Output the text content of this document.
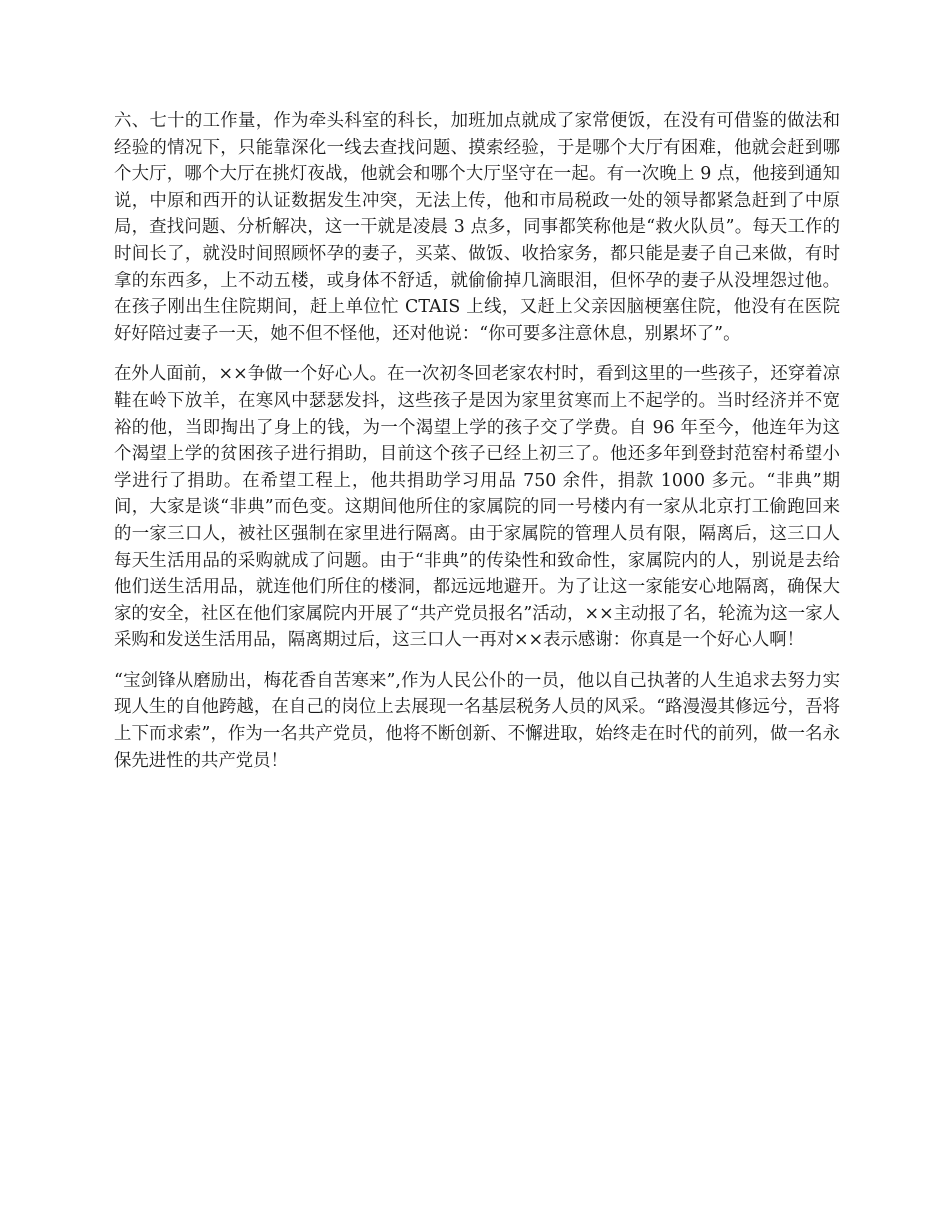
六、七十的工作量，作为牵头科室的科长，加班加点就成了家常便饭，在没有可借鉴的做法和经验的情况下，只能靠深化一线去查找问题、摸索经验，于是哪个大厅有困难，他就会赶到哪个大厅，哪个大厅在挑灯夜战，他就会和哪个大厅坚守在一起。有一次晚上 9 点，他接到通知说，中原和西开的认证数据发生冲突，无法上传，他和市局税政一处的领导都紧急赶到了中原局，查找问题、分析解决，这一干就是凌晨 3 点多，同事都笑称他是“救火队员”。每天工作的时间长了，就没时间照顾怀孕的妻子，买菜、做饭、收拾家务，都只能是妻子自己来做，有时拿的东西多，上不动五楼，或身体不舒适，就偷偷掉几滴眼泪，但怀孕的妻子从没埋怨过他。在孩子刚出生住院期间，赶上单位忙 CTAIS 上线，又赶上父亲因脑梗塞住院，他没有在医院好好陪过妻子一天，她不但不怪他，还对他说：“你可要多注意休息，别累坏了”。

在外人面前，××争做一个好心人。在一次初冬回老家农村时，看到这里的一些孩子，还穿着凉鞋在岭下放羊，在寒风中瑟瑟发抖，这些孩子是因为家里贫寒而上不起学的。当时经济并不宽裕的他，当即掏出了身上的钱，为一个渴望上学的孩子交了学费。自 96 年至今，他连年为这个渴望上学的贫困孩子进行捐助，目前这个孩子已经上初三了。他还多年到登封范窑村希望小学进行了捐助。在希望工程上，他共捐助学习用品 750 余件，捐款 1000 多元。“非典”期间，大家是谈“非典”而色变。这期间他所住的家属院的同一号楼内有一家从北京打工偷跑回来的一家三口人，被社区强制在家里进行隔离。由于家属院的管理人员有限，隔离后，这三口人每天生活用品的采购就成了问题。由于“非典”的传染性和致命性，家属院内的人，别说是去给他们送生活用品，就连他们所住的楼洞，都远远地避开。为了让这一家能安心地隔离，确保大家的安全，社区在他们家属院内开展了“共产党员报名”活动，××主动报了名，轮流为这一家人采购和发送生活用品，隔离期过后，这三口人一再对××表示感谢：你真是一个好心人啊！

“宝剑锋从磨励出，梅花香自苦寒来”,作为人民公仆的一员，他以自己执著的人生追求去努力实现人生的自他跨越，在自己的岗位上去展现一名基层税务人员的风采。“路漫漫其修远兮，吾将上下而求索”，作为一名共产党员，他将不断创新、不懈进取，始终走在时代的前列，做一名永保先进性的共产党员！
